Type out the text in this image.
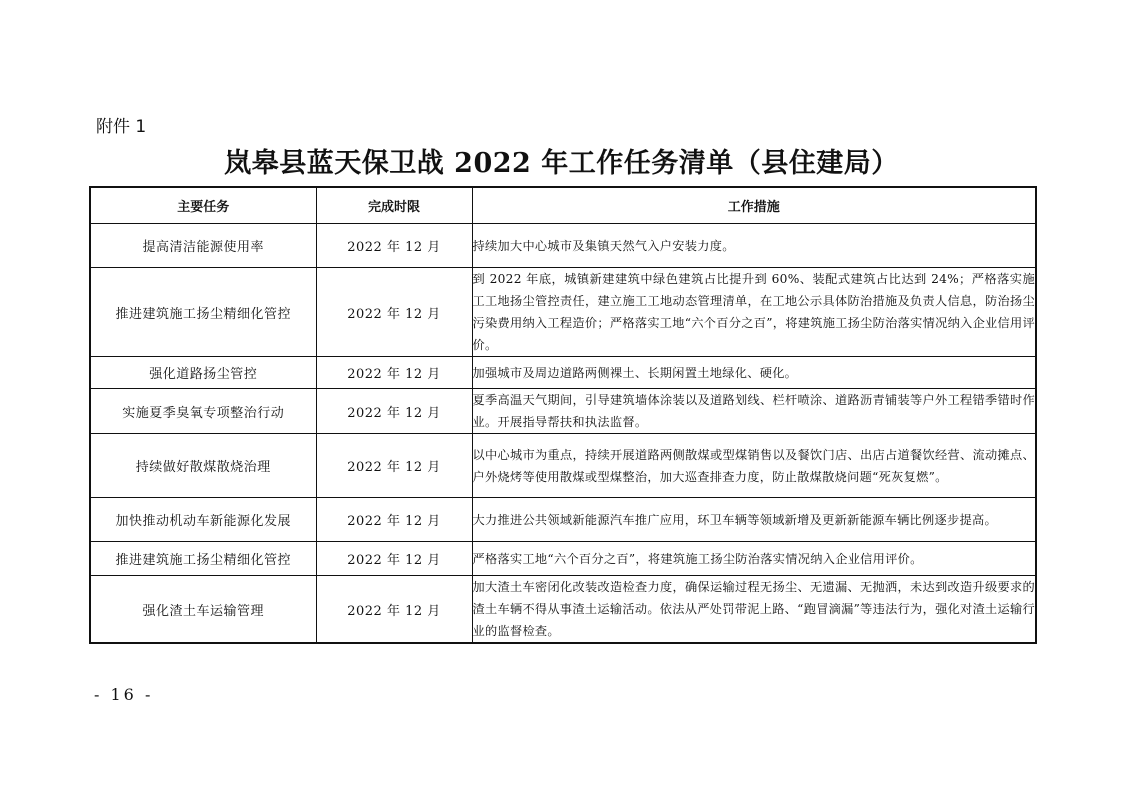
附件 1
岚皋县蓝天保卫战 2022 年工作任务清单（县住建局）
主要任务	完成时限	工作措施
提高清洁能源使用率	2022 年 12 月	持续加大中心城市及集镇天然气入户安装力度。
推进建筑施工扬尘精细化管控	2022 年 12 月	到 2022 年底，城镇新建建筑中绿色建筑占比提升到 60%、装配式建筑占比达到 24%；严格落实施工工地扬尘管控责任，建立施工工地动态管理清单，在工地公示具体防治措施及负责人信息，防治扬尘污染费用纳入工程造价；严格落实工地“六个百分之百”，将建筑施工扬尘防治落实情况纳入企业信用评价。
强化道路扬尘管控	2022 年 12 月	加强城市及周边道路两侧裸土、长期闲置土地绿化、硬化。
实施夏季臭氧专项整治行动	2022 年 12 月	夏季高温天气期间，引导建筑墙体涂装以及道路划线、栏杆喷涂、道路沥青铺装等户外工程错季错时作业。开展指导帮扶和执法监督。
持续做好散煤散烧治理	2022 年 12 月	以中心城市为重点，持续开展道路两侧散煤或型煤销售以及餐饮门店、出店占道餐饮经营、流动摊点、户外烧烤等使用散煤或型煤整治，加大巡查排查力度，防止散煤散烧问题“死灰复燃”。
加快推动机动车新能源化发展	2022 年 12 月	大力推进公共领域新能源汽车推广应用，环卫车辆等领域新增及更新新能源车辆比例逐步提高。
推进建筑施工扬尘精细化管控	2022 年 12 月	严格落实工地“六个百分之百”，将建筑施工扬尘防治落实情况纳入企业信用评价。
强化渣土车运输管理	2022 年 12 月	加大渣土车密闭化改装改造检查力度，确保运输过程无扬尘、无遗漏、无抛洒，未达到改造升级要求的渣土车辆不得从事渣土运输活动。依法从严处罚带泥上路、“跑冒滴漏”等违法行为，强化对渣土运输行业的监督检查。
- 16 -
